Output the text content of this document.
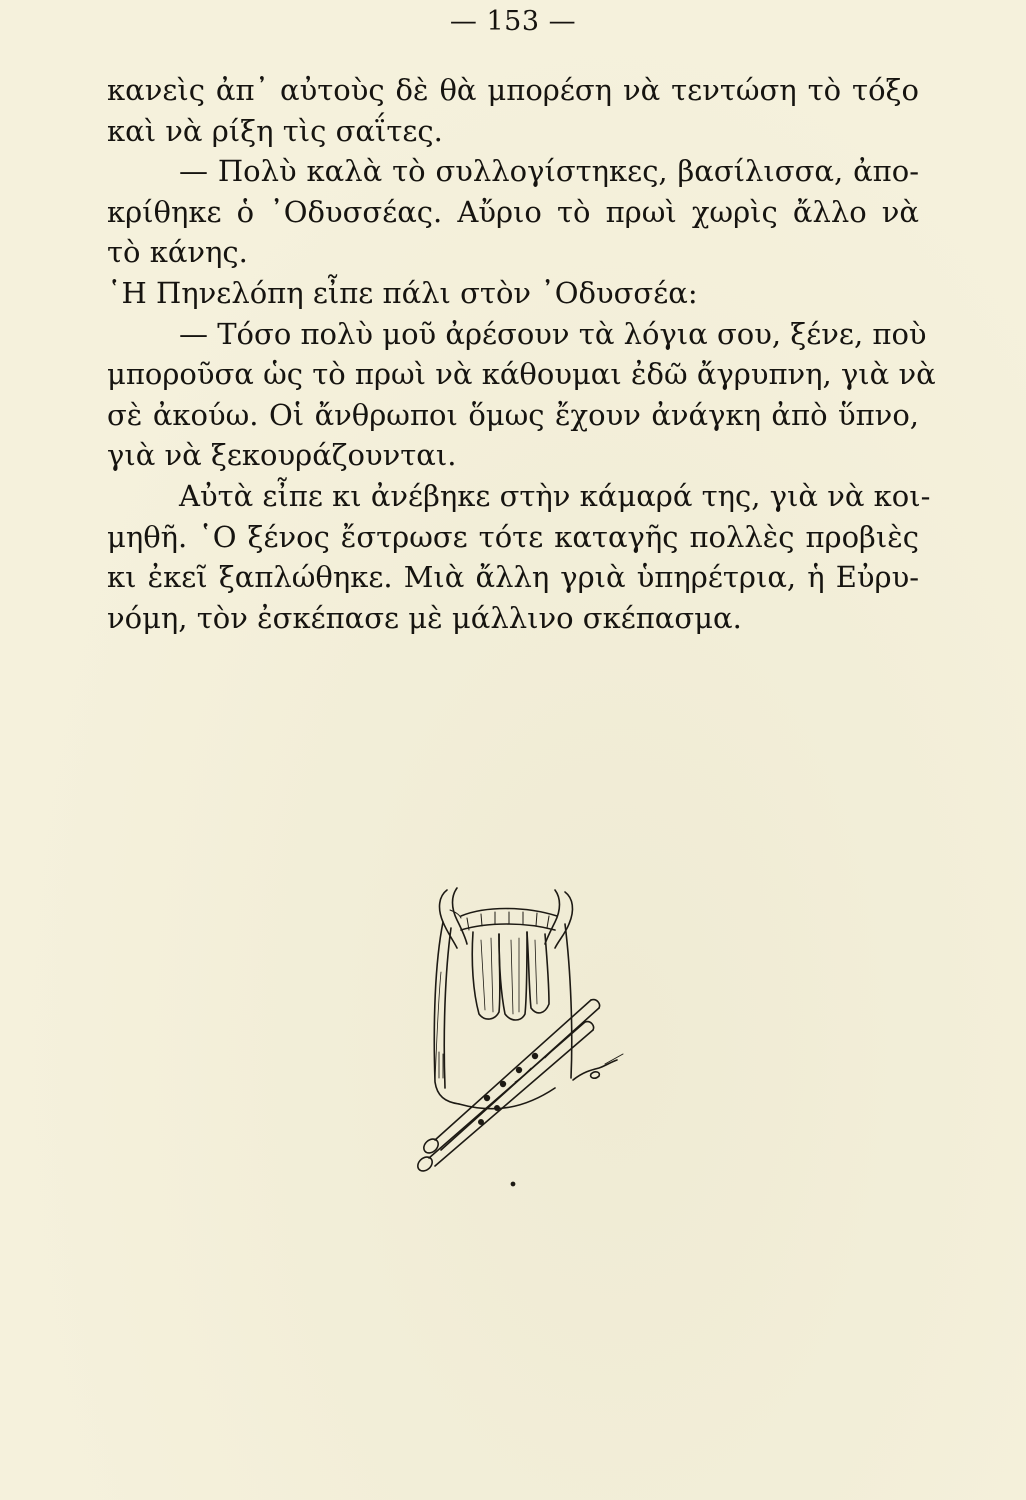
— 153 —
κανεὶς ἀπ᾿ αὐτοὺς δὲ θὰ μπορέση νὰ τεντώση τὸ τόξο
καὶ νὰ ρίξη τὶς σαΐτες.
— Πολὺ καλὰ τὸ συλλογίστηκες, βασίλισσα, ἀπο-
κρίθηκε ὁ ᾿Οδυσσέας. Αὔριο τὸ πρωὶ χωρὶς ἄλλο νὰ
τὸ κάνης.
῾Η Πηνελόπη εἶπε πάλι στὸν ᾿Οδυσσέα:
— Τόσο πολὺ μοῦ ἀρέσουν τὰ λόγια σου, ξένε, ποὺ
μποροῦσα ὡς τὸ πρωὶ νὰ κάθουμαι ἐδῶ ἄγρυπνη, γιὰ νὰ
σὲ ἀκούω. Οἱ ἄνθρωποι ὅμως ἔχουν ἀνάγκη ἀπὸ ὕπνο,
γιὰ νὰ ξεκουράζουνται.
Αὐτὰ εἶπε κι ἀνέβηκε στὴν κάμαρά της, γιὰ νὰ κοι-
μηθῆ. ῾Ο ξένος ἔστρωσε τότε καταγῆς πολλὲς προβιὲς
κι ἐκεῖ ξαπλώθηκε. Μιὰ ἄλλη γριὰ ὑπηρέτρια, ἡ Εὐρυ-
νόμη, τὸν ἐσκέπασε μὲ μάλλινο σκέπασμα.
